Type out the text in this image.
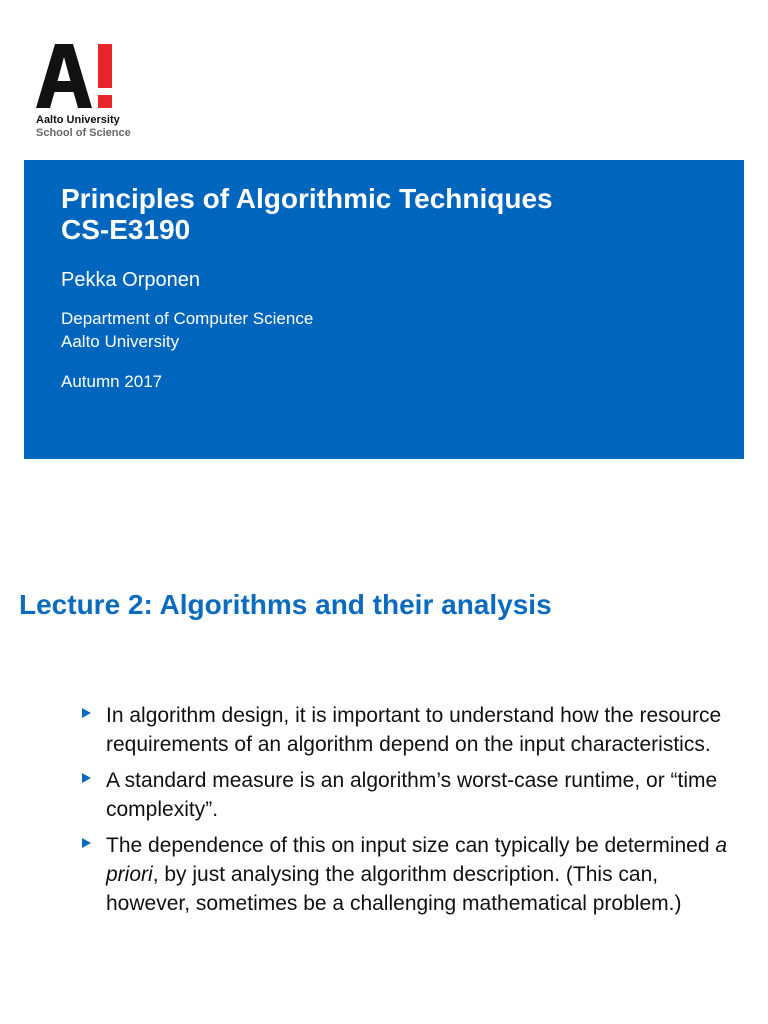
Aalto University
School of Science
Principles of Algorithmic Techniques
CS-E3190
Pekka Orponen
Department of Computer Science
Aalto University
Autumn 2017
Lecture 2: Algorithms and their analysis
In algorithm design, it is important to understand how the resource requirements of an algorithm depend on the input characteristics.
A standard measure is an algorithm’s worst-case runtime, or “time complexity”.
The dependence of this on input size can typically be determined a priori, by just analysing the algorithm description. (This can, however, sometimes be a challenging mathematical problem.)
